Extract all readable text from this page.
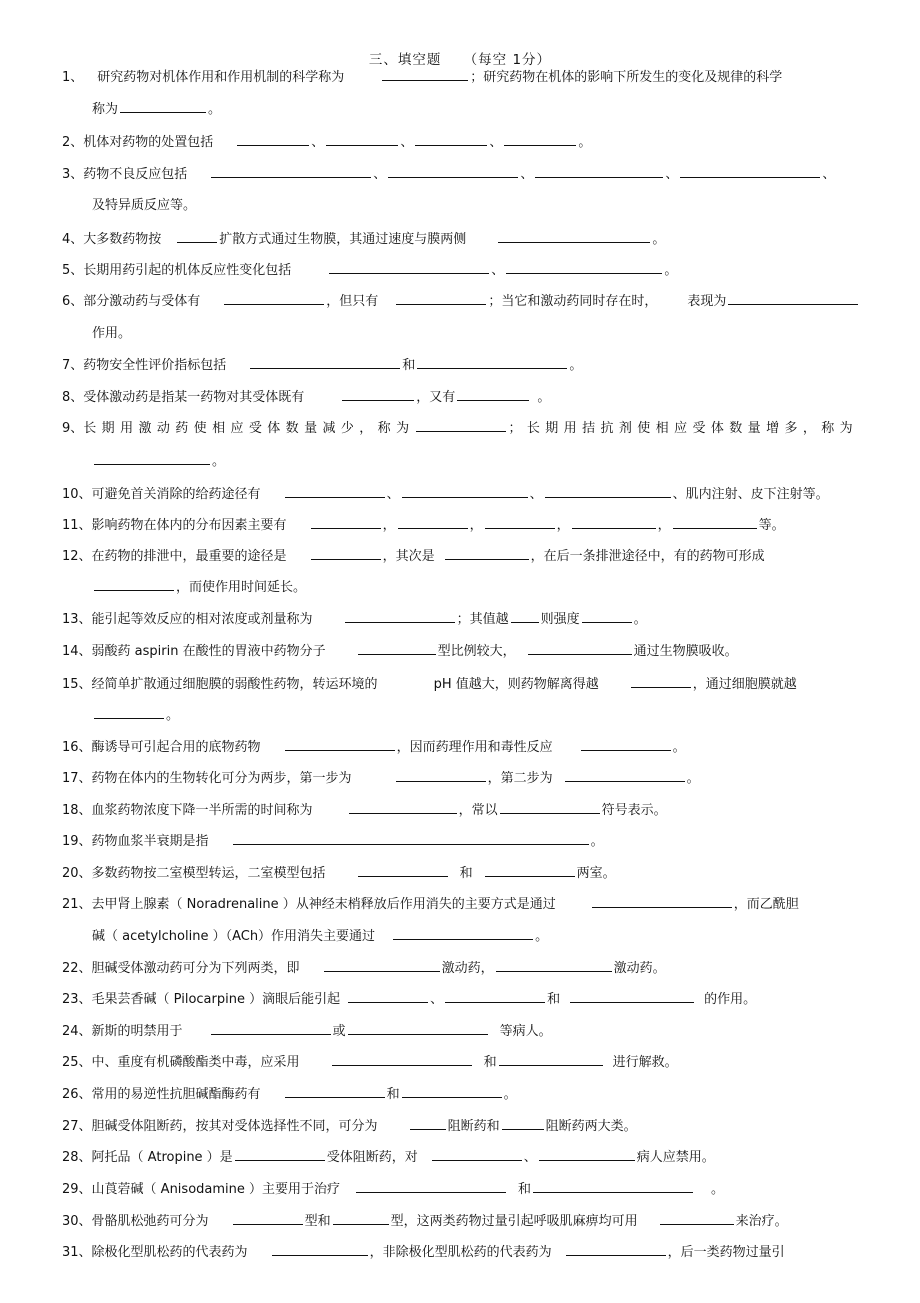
三、填空题　　（每空 1分）
1、 研究药物对机体作用和作用机制的科学称为	；研究药物在机体的影响下所发生的变化及规律的科学
称为	。
2、机体对药物的处置包括	、	、	、	。
3、药物不良反应包括	、	、	、	、
及特异质反应等。
4、大多数药物按	扩散方式通过生物膜，其通过速度与膜两侧	。
5、长期用药引起的机体反应性变化包括	、	。
6、部分激动药与受体有	，但只有	；当它和激动药同时存在时， 表现为
作用。
7、药物安全性评价指标包括	和	。
8、受体激动药是指某一药物对其受体既有	，又有	。
9、长期用激动药使相应受体数量减少，称为	；长期用拮抗剂使相应受体数量增多，称为
。
10、可避免首关消除的给药途径有	、	、	、肌内注射、皮下注射等。
11、影响药物在体内的分布因素主要有	，	，	，	，	等。
12、在药物的排泄中，最重要的途径是	，其次是	，在后一条排泄途径中，有的药物可形成
，而使作用时间延长。
13、能引起等效反应的相对浓度或剂量称为	；其值越 则强度	。
14、弱酸药 aspirin 在酸性的胃液中药物分子	型比例较大，	通过生物膜吸收。
15、经简单扩散通过细胞膜的弱酸性药物，转运环境的	pH 值越大，则药物解离得越	，通过细胞膜就越
。
16、酶诱导可引起合用的底物药物	，因而药理作用和毒性反应	。
17、药物在体内的生物转化可分为两步，第一步为	，第二步为	。
18、血浆药物浓度下降一半所需的时间称为	，常以	符号表示。
19、药物血浆半衰期是指	。
20、多数药物按二室模型转运，二室模型包括	和	两室。
21、去甲肾上腺素（ Noradrenaline ）从神经末梢释放后作用消失的主要方式是通过	，而乙酰胆
碱（ acetylcholine ）（ACh）作用消失主要通过	。
22、胆碱受体激动药可分为下列两类，即	激动药，	激动药。
23、毛果芸香碱（ Pilocarpine ）滴眼后能引起	、	和	的作用。
24、新斯的明禁用于	或	等病人。
25、中、重度有机磷酸酯类中毒，应采用	和	进行解救。
26、常用的易逆性抗胆碱酯酶药有	和	。
27、胆碱受体阻断药，按其对受体选择性不同，可分为	阻断药和	阻断药两大类。
28、阿托品（ Atropine ）是	受体阻断药，对	、	病人应禁用。
29、山莨菪碱（ Anisodamine ）主要用于治疗	和	。
30、骨骼肌松弛药可分为	型和	型，这两类药物过量引起呼吸肌麻痹均可用	来治疗。
31、除极化型肌松药的代表药为	，非除极化型肌松药的代表药为	，后一类药物过量引
